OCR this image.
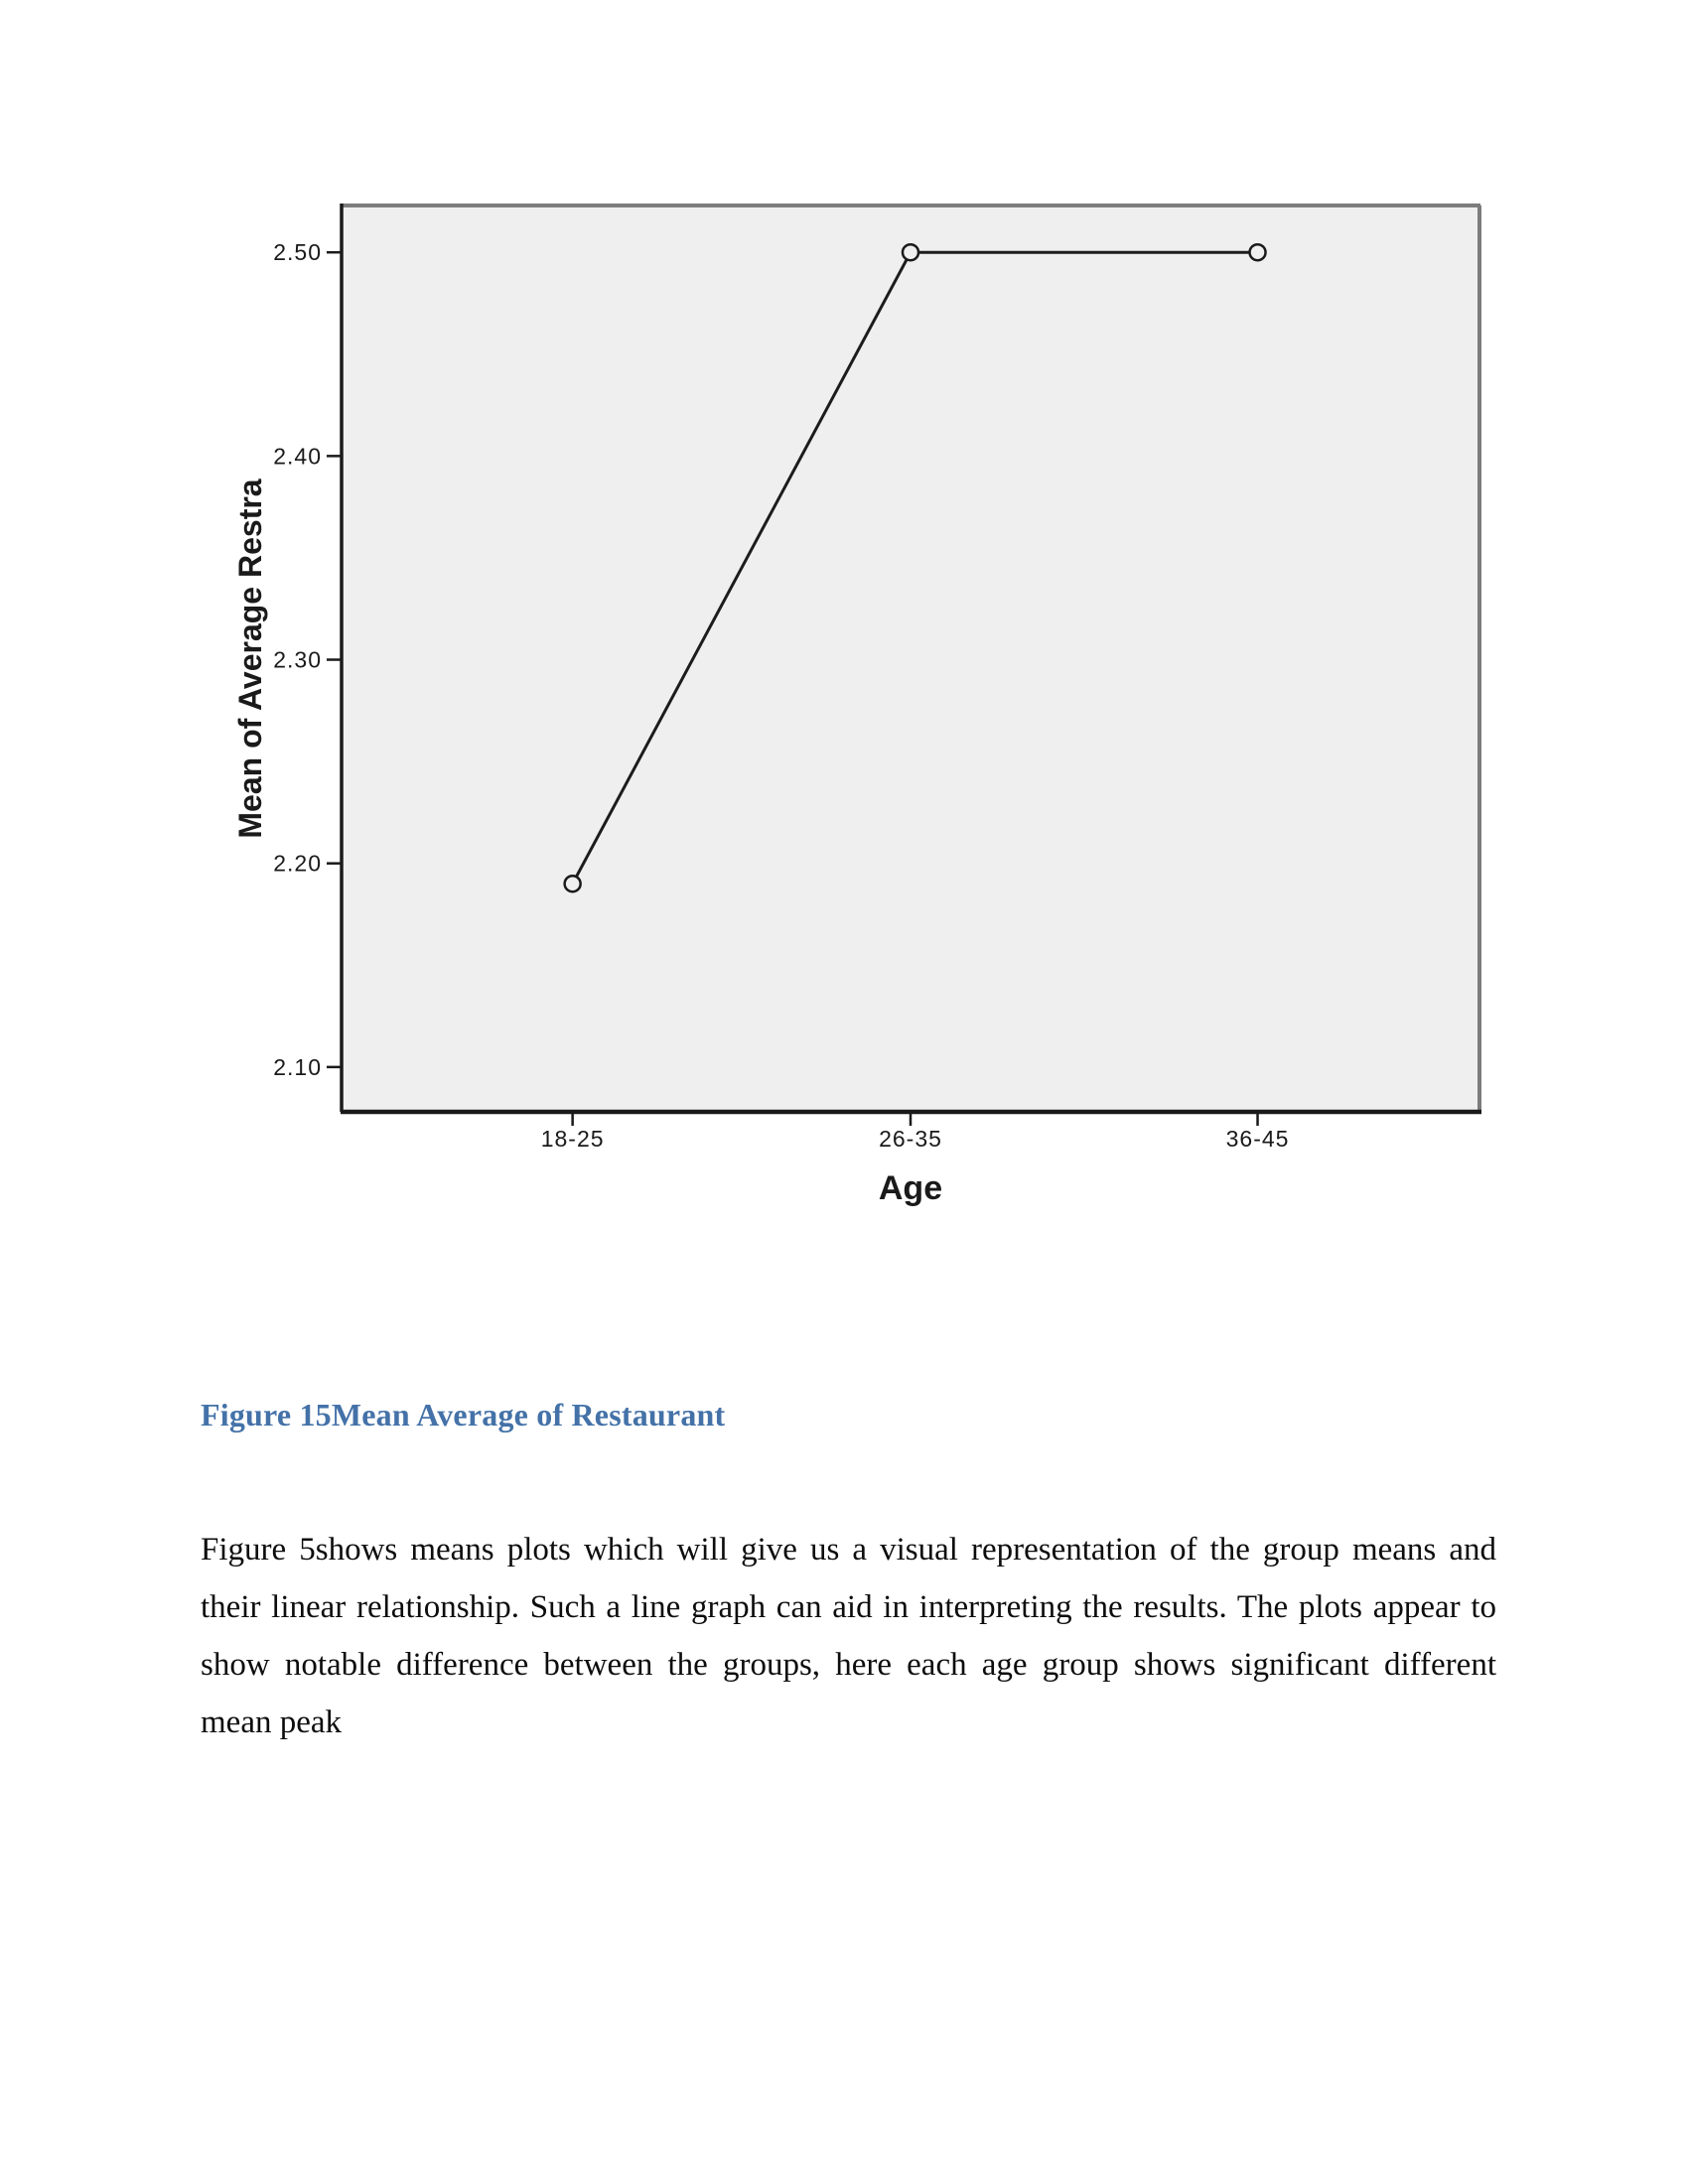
2.10
2.20
2.30
2.40
2.50
18-25	26-35	36-45
Mean of Average Restra
Age
Figure 15Mean Average of Restaurant
Figure 5shows means plots which will give us a visual representation of the group means and
their linear relationship. Such a line graph can aid in interpreting the results. The plots appear to
show notable difference between the groups, here each age group shows significant different
mean peak
